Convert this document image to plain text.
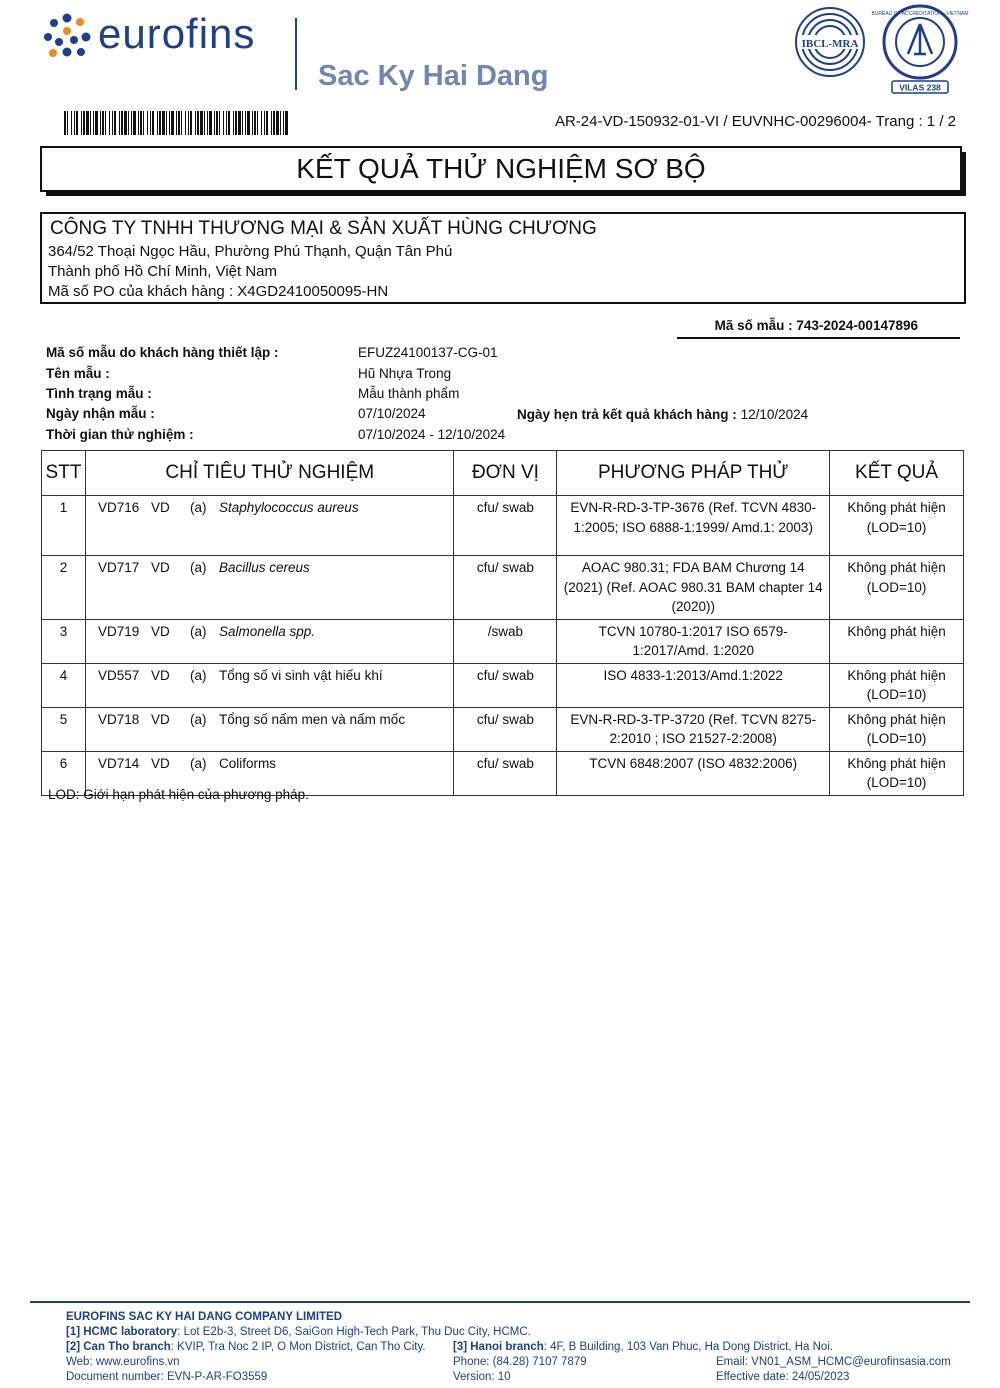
eurofins
Sac Ky Hai Dang
IBCL-MRA
BUREAU OF ACCREDITATION · VIETNAM
VILAS 238
AR-24-VD-150932-01-VI / EUVNHC-00296004- Trang : 1 / 2
KẾT QUẢ THỬ NGHIỆM SƠ BỘ
CÔNG TY TNHH THƯƠNG MẠI & SẢN XUẤT HÙNG CHƯƠNG
364/52 Thoại Ngọc Hầu, Phường Phú Thạnh, Quận Tân Phú
Thành phố Hồ Chí Minh, Việt Nam
Mã số PO của khách hàng : X4GD2410050095-HN
Mã số mẫu : 743-2024-00147896
Mã số mẫu do khách hàng thiết lập :	EFUZ24100137-CG-01
Tên mẫu :	Hũ Nhựa Trong
Tình trạng mẫu :	Mẫu thành phẩm
Ngày nhận mẫu :	07/10/2024	Ngày hẹn trả kết quả khách hàng : 12/10/2024
Thời gian thử nghiệm :	07/10/2024 - 12/10/2024
STT	CHỈ TIÊU THỬ NGHIỆM	ĐƠN VỊ	PHƯƠNG PHÁP THỬ	KẾT QUẢ
1	VD716 VD (a) Staphylococcus aureus	cfu/ swab	EVN-R-RD-3-TP-3676 (Ref. TCVN 4830-1:2005; ISO 6888-1:1999/ Amd.1: 2003)	Không phát hiện (LOD=10)
2	VD717 VD (a) Bacillus cereus	cfu/ swab	AOAC 980.31; FDA BAM Chương 14 (2021) (Ref. AOAC 980.31 BAM chapter 14 (2020))	Không phát hiện (LOD=10)
3	VD719 VD (a) Salmonella spp.	/swab	TCVN 10780-1:2017 ISO 6579-1:2017/Amd. 1:2020	Không phát hiện
4	VD557 VD (a) Tổng số vi sinh vật hiếu khí	cfu/ swab	ISO 4833-1:2013/Amd.1:2022	Không phát hiện (LOD=10)
5	VD718 VD (a) Tổng số nấm men và nấm mốc	cfu/ swab	EVN-R-RD-3-TP-3720 (Ref. TCVN 8275-2:2010 ; ISO 21527-2:2008)	Không phát hiện (LOD=10)
6	VD714 VD (a) Coliforms	cfu/ swab	TCVN 6848:2007 (ISO 4832:2006)	Không phát hiện (LOD=10)
LOD: Giới hạn phát hiện của phương pháp.
EUROFINS SAC KY HAI DANG COMPANY LIMITED
[1] HCMC laboratory: Lot E2b-3, Street D6, SaiGon High-Tech Park, Thu Duc City, HCMC.
[2] Can Tho branch: KVIP, Tra Noc 2 IP, O Mon District, Can Tho City. [3] Hanoi branch: 4F, B Building, 103 Van Phuc, Ha Dong District, Ha Noi.
Web: www.eurofins.vn	Phone: (84.28) 7107 7879	Email: VN01_ASM_HCMC@eurofinsasia.com
Document number: EVN-P-AR-FO3559	Version: 10	Effective date: 24/05/2023
